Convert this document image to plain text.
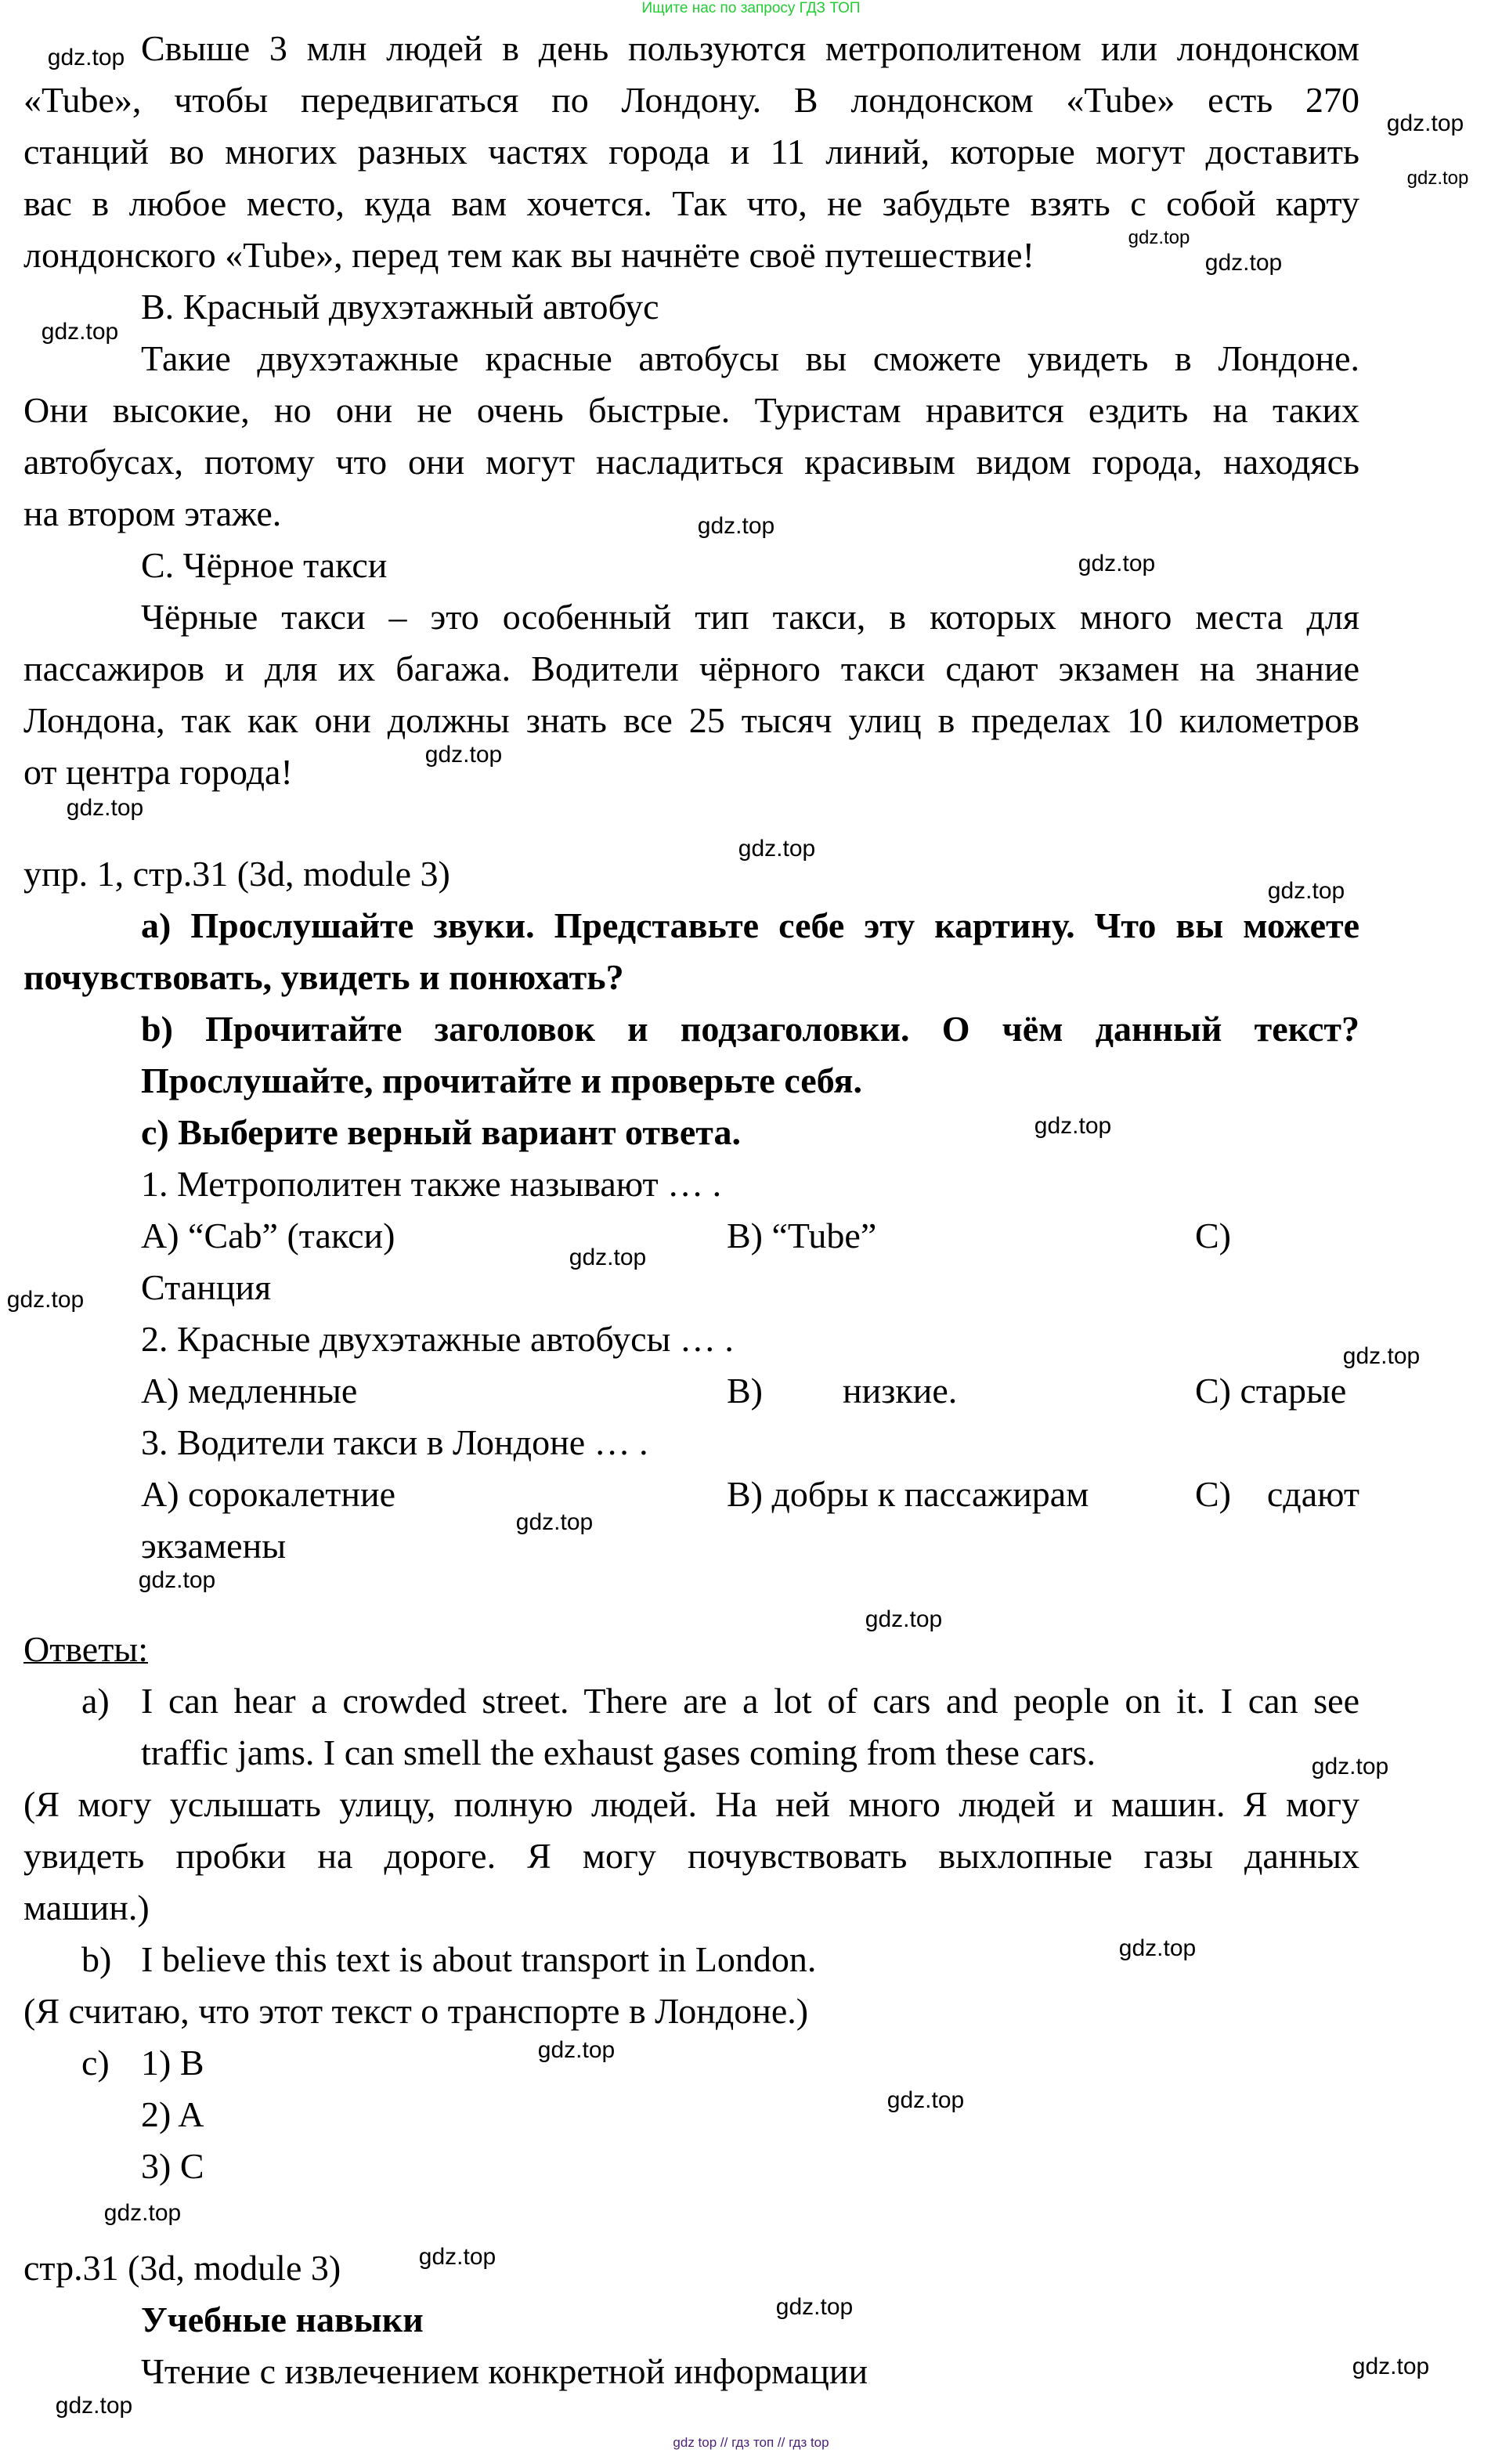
Ищите нас по запросу ГДЗ ТОП
Свыше 3 млн людей в день пользуются метрополитеном или лондонском
«Tube», чтобы передвигаться по Лондону. В лондонском «Tube» есть 270
станций во многих разных частях города и 11 линий, которые могут доставить
вас в любое место, куда вам хочется. Так что, не забудьте взять с собой карту
лондонского «Tube», перед тем как вы начнёте своё путешествие!
B. Красный двухэтажный автобус
Такие двухэтажные красные автобусы вы сможете увидеть в Лондоне.
Они высокие, но они не очень быстрые. Туристам нравится ездить на таких
автобусах, потому что они могут насладиться красивым видом города, находясь
на втором этаже.
C. Чёрное такси
Чёрные такси – это особенный тип такси, в которых много места для
пассажиров и для их багажа. Водители чёрного такси сдают экзамен на знание
Лондона, так как они должны знать все 25 тысяч улиц в пределах 10 километров
от центра города!
упр. 1, стр.31 (3d, module 3)
a) Прослушайте звуки. Представьте себе эту картину. Что вы можете
почувствовать, увидеть и понюхать?
b) Прочитайте заголовок и подзаголовки. О чём данный текст?
Прослушайте, прочитайте и проверьте себя.
c) Выберите верный вариант ответа.
1. Метрополитен также называют … .
A) “Cab” (такси)	B) “Tube”	C)
Станция
2. Красные двухэтажные автобусы … .
A) медленные	B) низкие.	C) старые
3. Водители такси в Лондоне … .
A) сорокалетние	B) добры к пассажирам	C) сдают
экзамены
Ответы:
a) I can hear a crowded street. There are a lot of cars and people on it. I can see
traffic jams. I can smell the exhaust gases coming from these cars.
(Я могу услышать улицу, полную людей. На ней много людей и машин. Я могу
увидеть пробки на дороге. Я могу почувствовать выхлопные газы данных
машин.)
b) I believe this text is about transport in London.
(Я считаю, что этот текст о транспорте в Лондоне.)
c) 1) B
2) A
3) C
стр.31 (3d, module 3)
Учебные навыки
Чтение с извлечением конкретной информации
gdz.top
gdz.top
gdz.top
gdz.top
gdz.top
gdz.top
gdz.top
gdz.top
gdz.top
gdz.top
gdz.top
gdz.top
gdz.top
gdz.top
gdz.top
gdz.top
gdz.top
gdz.top
gdz.top
gdz.top
gdz.top
gdz.top
gdz.top
gdz.top
gdz.top
gdz.top
gdz.top
gdz.top
gdz top // гдз топ // гдз top
